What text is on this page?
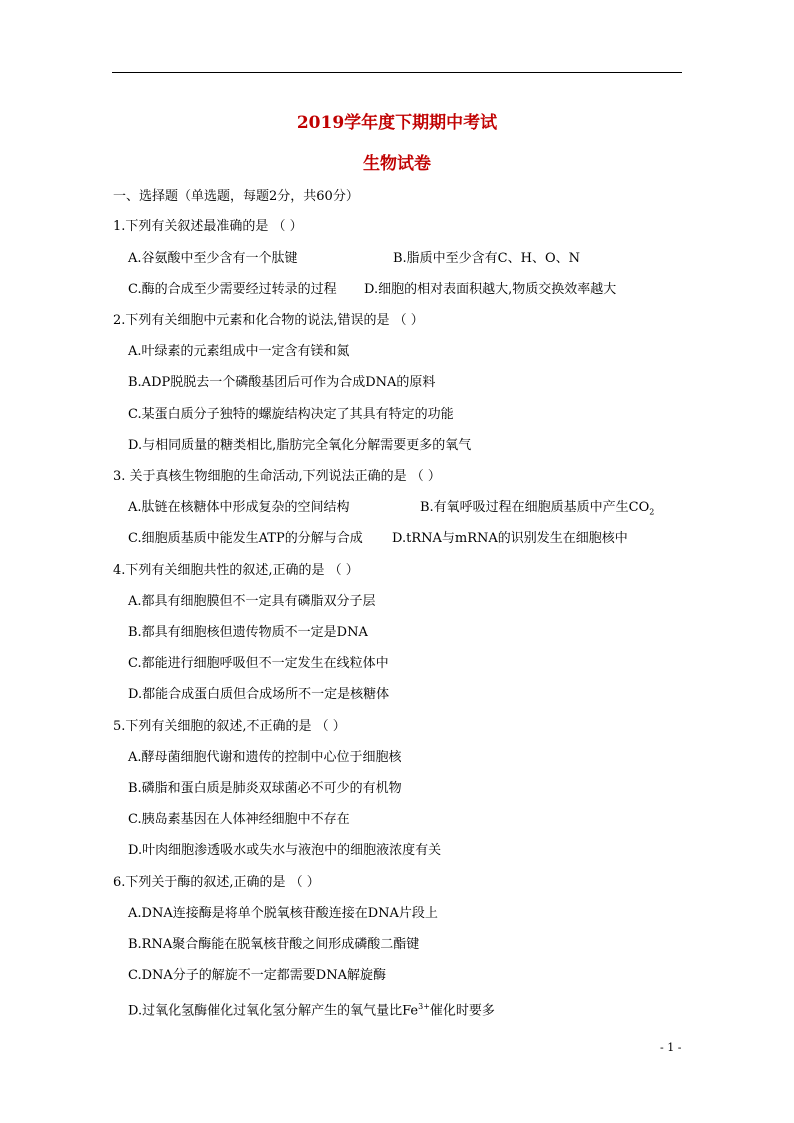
2019学年度下期期中考试
生物试卷
一、选择题（单选题，每题2分，共60分）
1.下列有关叙述最准确的是 （ ）
A.谷氨酸中至少含有一个肽键	B.脂质中至少含有C、H、O、N
C.酶的合成至少需要经过转录的过程 D.细胞的相对表面积越大,物质交换效率越大
2.下列有关细胞中元素和化合物的说法,错误的是 （ ）
A.叶绿素的元素组成中一定含有镁和氮
B.ADP脱脱去一个磷酸基团后可作为合成DNA的原料
C.某蛋白质分子独特的螺旋结构决定了其具有特定的功能
D.与相同质量的糖类相比,脂肪完全氧化分解需要更多的氧气
3. 关于真核生物细胞的生命活动,下列说法正确的是 （ ）
A.肽链在核糖体中形成复杂的空间结构	B.有氧呼吸过程在细胞质基质中产生$CO_2$
C.细胞质基质中能发生ATP的分解与合成 D.tRNA与mRNA的识别发生在细胞核中
4.下列有关细胞共性的叙述,正确的是 （ ）
A.都具有细胞膜但不一定具有磷脂双分子层
B.都具有细胞核但遗传物质不一定是DNA
C.都能进行细胞呼吸但不一定发生在线粒体中
D.都能合成蛋白质但合成场所不一定是核糖体
5.下列有关细胞的叙述,不正确的是 （ ）
A.酵母菌细胞代谢和遗传的控制中心位于细胞核
B.磷脂和蛋白质是肺炎双球菌必不可少的有机物
C.胰岛素基因在人体神经细胞中不存在
D.叶肉细胞渗透吸水或失水与液泡中的细胞液浓度有关
6.下列关于酶的叙述,正确的是 （ ）
A.DNA连接酶是将单个脱氧核苷酸连接在DNA片段上
B.RNA聚合酶能在脱氧核苷酸之间形成磷酸二酯键
C.DNA分子的解旋不一定都需要DNA解旋酶
D.过氧化氢酶催化过氧化氢分解产生的氧气量比$Fe^{3+}$催化时要多
- 1 -
